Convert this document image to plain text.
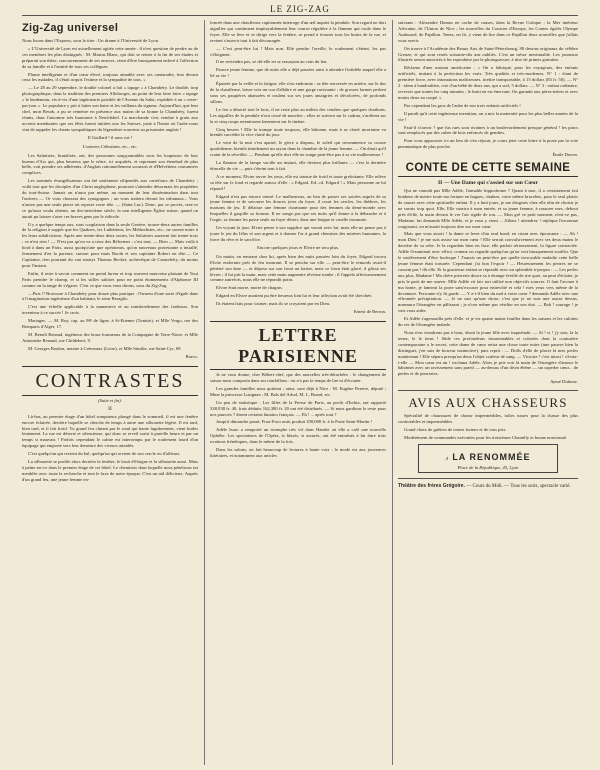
LE ZIG-ZAG
Zig-Zag universel

Nous lisons dans l'Express, sous le titre : Un drame à l'Université de Lyon.

« L'Université de Lyon est actuellement agitée cette année : il n'est question de perdre au de ces membres les plus distingués : M. Marius Blanc, qui doit se retirer à la fin de ses études et préparait son thèse, concurremment de ses œuvres, vient d'être brusquement enlevé à l'affection de sa famille et à l'amitié de tous ses collègues.

Plume intelligente et d'un cœur élevé, toujours aimable avec ses camarades, bon devant ceux les malades, il s'était acquis l'estime et la sympathie de tous. »

— Le 28 au 29 septembre, le double colonel a fait « tapage » à Chambéry. Le double, trop photographique, dans la tradition des premiers Allobroges, au point de leur faire faire « tapage » le lendemain, vis-à-vis d'une ingénieurie paisible de l'Avenue du Salut, expédiée à un « verre-par-jour ». Le populaire y prit à faites son batre et les vaillants du signeur. Aujourd'hui, que leur chef, mon Besob, a pu se remettre en présence aux mains de sa bonne la Chambéry, furent réunis, dans l'automne très harmonie à Neufchâtel. La marchande s'est vendue à grain aux accents mendiantes que ses fêtes furent initiées aux les Suisses, juste à l'heure où l'aube nous vint de rappeler les chants sympathiques du légendaire souvenir au prisonnier anglais !

Il Guillard ! il sans vot !

L'univers Célestines, etc., etc.

Les Salutistes, brutalisés, ont, des personnes soupçonnables sous les loupeuses de leur bureau d'Ars qui, plus heureux que le nôtre, ici acquittés, et reprenant son étendard de plus belle, voit prendre ses adhérents, d'Anglais rationnellement sournois et d'Helvétiens coutumiers complices.

Les nommés évangélisateurs ont été seulement vilipendés aux carrefours de Chambéry ; voilà tout que les disciples d'un Christ anglophone, pourront s'attendre désormais les prophètes du tout-Suisse. Jamais on n'aura pas même, au moment de leur dissémination dans tout l'univers — Or vous chassera des synagogues ; un vous traitera devant les tribunaux... Vous n'aurez pas une seule pierre où reposer votre tête. — (Saint Luc). Donc, par ce procès, sera-ce ce qu'aura voulu obtenir, un dix-neuvième siècle, la non intelligente Église suisse, quand on aurait pu laisser s'user ces braves gens par le ridicule.

Il y a quelque temps aux, sous couplaison dans la seule Genève, trouve-deux autres familles de la religion à suppôt que les Quakers, les Luthériens, les Méthodistes, etc., ne savent notre à les leurs subdivisions. Après une trente-deux deux sectes, les Salutistes auraient fait trente-trois : ce n'est rien ! — N'est pas qu'on va a ceux des Réformes ; c'est tout. — Bien — Mais voilà à bord à dans un Paris, aussi quoiqu'une que opérateurs, qu'on nouveaux protestante a installé, fermement d'en la pareure, surtout pour mais Booth et sen capitaine Robert en tête.— Ce Capitaine, rien pourtant du vrai martyr Thomas Becket, archevêque de Cantorbéry, du moins pour l'instant.

Enfin, il reste à savoir comment on prend fureur et trop souvent mauvaise plaisant de Tout Paris prendre le champ, et si les stilles salistes pour ne point étonnements d'Alphonse III comme on la tange de s'égarer. C'est ce que vous vous dirons, sous du Zig-Zag.

—Puis !! Bravoure à Chambéry pour douze plus pratique : l'heureu d'une sorte d'égale dans à l'imagination ingénieuse d'un habitant, le sieur Beraglio.

C'est une échelle applicable à la manœuvre et au transbordement des fardeaux. Son inventeur à ce succès ! Je crois.

Mariages. — M. Roy, cap. au 98ᵉ de ligne, à St-Etienne (Tunisie), et Mlle Vergo, rue des Remparts d'Alger, 17.

M. Benoît Renaud, ingénieur des houx-fourneaux de la Compagnie de Terre-Noire, et Mlle Antoinette Renaud, rue Childebert, 9.

M. Georges Boulon, notaire à Crémeaux (Loire), et Mlle Similie, rue Saint-Cyr, 69.

Bravo.

CONTRASTES
(Suite et fin).
II

Là-bas, au premier étage d'un hôtel somptueux plongé dans le sommeil, il est une fenêtre encore éclairée, derrière laquelle se cherche de temps à autre une silhouette légère. Il est tard, bien tard, et il fait froid. Vu grand feu clinant par le rond qui hante lugubrement, vient hurler lentement. La rue est déserte et silencieuse, qui donc se reveil sortir à pareille heure et par un temps si mauvais ! Parfois cependant le calme est interrompu par le roulement lourd d'un équipage qui emporte vers leur demeure des viveurs attardés.

C'est quelqu'un qui revient du bal, quelqu'un qui revient de son cercle ou d'ailleurs.

La silhouette se profile alors derrière la fenêtre, le bruit d'éloigne et la silhouette aussi. Mais à peine est-ce dans le premier étage de cet hôtel. Le chemisier dans laquelle nous pénétrons est meublée avec toute la recherche et tout le luxe de notre époque. C'est un nid délicieux. Auprès d'un grand feu, une jeune femme en-

foncée dans une chauffeuse capitonnée interroge d'un œil inquiet la pendule. Son regard ne dort aiguilles qui continuent impitoyablement leur course régulière à la flamme qui roule dans le foyer. Elle se lève et se dirige vers la fenêtre, se prend à écouter tous les bruits de la rue, et revient s'asseoir tout à fait découragée.

— C'est peut-être lui ! Mais non. Elle penche l'oreille, le roulement s'éteint, les pas s'éloignent.

Il ne reviendra pas, se dit-elle en se rassayant au coin du feu.

Pauvre jeune femme, que de nuits elle a déjà passées ainsi à attendre l'infidèle auquel elle a lié sa vie !

Épuisée par la veille et la fatigue, elle s'est endormie ; sa tête renversée en arrière, sur le dos de la chauffeuse, laisse voir un cou d'albâtre et une gorge ravissante ; de grosses larmes perlent sous ses paupières abaissées et roulent sur ses joues amaigries et décolorées, de profonds sillons.

Le feu a déserté tout le bois, il ne reste plus au milieu des cendres que quelques charbons. Les aiguilles de la pendule n'ont cessé de marcher ; elles se suivent sur le cadran, s'arrêtent sur la et cinq coups retentissent lentement sur le timbre.

Cinq heures ! Elle la trompe toute toujours, elle bâtonne, mais à sa clarté incertaine va bientôt succéder la vive clarté du jour.

Le vent de la nuit s'est apaisé, le givre a disparu, le soleil qui recommence sa course quotidienne, bientôt timidement un rayon dans la chambre de la jeune femme. — On dirait qu'il craint de la réveiller. — Pendant qu'elle dort elle ne songe peut-être pas à sa vie malheureuse !

La flamme de la lampe vacille un instant, elle devient plus brillante — c'est la dernière étincelle de vie — puis s'éteint tout à fait.

A ce moment, Elvire ouvre les yeux, elle est transie de froid et toute grelottante. Elle relève sa tête sur le fond et regarde autour d'elle : « Edgard, Ed...rd, Edgard ! » Mais personne ne lui répond !

Edgard n'est pas encore rentré. Le malheureux, au lieu de passer ses soirées auprès de sa jeune femme et de savourer les douces joies du foyer, il court les cercles, les théâtres, les maisons de jeu. Il délaisse une femme charmante pour des femmes du demi-monde avec lesquelles il gaspille sa fortune. Il ne songe pas que ses nuits qu'il donne à la débauche et à l'orgie, sa femme les passe seule au foyer désert, dans une longue et cruelle insomnie.

Un voyant la jour, Elvire pense à son supplice qui venait avec lui, mais elle ne pense pas à jouer le jeu du Iélus et son argent et à donner l'or à grand chemises des misères humaines, la force du rêve et le sacrifice.

Encore quelques jours et Elvire ne sera plus.

Un matin, en rentrant chez lui, après bien des nuits passées loin du foyer, Edgard trouva Elvire endormie près de feu mourant. Il se pencha sur elle — peut-être le remords avait-il pénétré son âme — et déposa sur son front un baiser, mais ce front était glacé, il glissa ses lèvres ; il lui prit la main, mais cette main augmente rêveuse tombe ; il l'appela affectueusement comme autrefois, mais elle ne répondit point.

Elvire était morte, morte de chagrin.

Edgard en Elvire auraient pu être heureux loin lui et leur affection avait été cherchée.

Ils étaient faits pour s'aimer, mais ils se croyaient par en Dieu.

Ernest de Berron.

LETTRE PARISIENNE

Je ne vous donne, cher Bébert-chef, que des nouvelles très-détachées : le changement de saison nous comporta dans ses tourbillons : on n'a pas le temps de lire ni d'écouter.

Les grandes familles nous quittent ; ainsi, sont déjà à Nice : M. Eugène Pereire, député ; Mme la princesse Lusignan ; M. Bals del Arbol, M. L. Brand, etc.

Un peu de statistique : Les filles de la Presse de Paris, au profit d'Ischia, ont rapporté 338,938 fr. 40, frais déduits 162,380 fr. 20 ont été distribués. — Si nous gardions le reste pour nos pauvres ? disent certains lunatics français. — Eh ! ... après tout ?

Jusqu'à dimanche passé, Frou-Frou avait produit 100,000 fr. à la Porte Saint-Martin !

Adèle Isaac a remporté un triomphe très vif dans Hamlet où elle a créé une nouvelle Ophélie. Les spectateurs de l'Opéra, si blasés, si assurés, ont été entraînés à lui faire trois ovations frénétiques, dans le même de la fois.

Dans les salons, on fait beaucoup de lectures à haute voix : le mode est aux jouvences littéraires, et notamment aux articles

suivants : Alexandre Dumas ne cache de causes, dans la Revue Critique ; la Mer intérieur Africaine, de l'Union de Nice ; les nouvelles du Courrier d'Europe, les Contes égalés Olympe Audouard, de Papillon. Tenez, on lit, y vient de lire dans ce Papillon deux nouvelles que j'allais vous servir.

On trouve à l'Académie des Beaux Arts de Saint-Pétersbourg, 88 dessins originaux du célèbre Greuze, et qui sont restés soixante-dix ans oubliés. C'est un trésor inestimable. Les journaux illustrés seront autorisés à les reproduire par la photogravure, à titre de primes gratuites.

Réclame d'une maison américaine : « On a fabriqué, pour les voyageurs, des enfants artificiels, imitant à la perfection les vrais. Très qualités et très-modernes. N° 1 : étant de première force, avec intonations malicieuses, tirelire transportable, à 15 dollars (83 fr. 50). — N° 2 : idem à bandoulière, crie d'un bébé de deux ans, qui a soif, 5 dollars. — N° 3 : enfant ordinaire, recevoir que toutes les cinq minutes ; le bruit en est énervant. On garantit aux pères-mères et avec moins deux au coupé. »

Pas cependant les gros de l'aube de nos trois enfants artificiels !

Il paraît qu'à cette ingénieuse invention, on a mis la maternité pour les plus belles années de la vie !

Faut-il s'ouvrir ? que fus rues sont rivaines à un boulevardement presque général ! les parcs sont remplacés par des cubes de bois enfoncés de gendres.

Pour vous approuver ici un lieu de s'en réjouir, je cours jeter cette lettre à la poste par la voie pneumatique de plus proche.

Émile Davon.

CONTE DE CETTE SEMAINE
II — Une Dame qui s'assied sur son Cœur

Qui ne connaît pas Mlle Adèle, l'aimable hippodrome ? Quant à moi, il a certainement fait bonheur de mettre toute ma fortune en bagues, chaînes, votre même bracelets, pour le seul plaisir de causer avec cette spirituelle enfant. Il y a huit jours, je me dirigeais chez elle afin de choisir je ne savais trop quoi. Elle, Elle sourira à mon entrée, et sa jeune femme, à rassurer mes, debout près d'elle, la main devant le ver l'air rigide de ton. — Mon gré ce petit moment, n'est-ce pas, Madame, lui demanda Mlle Adèle, et je vous y vient ... Allons ! attendrez ! répliqua l'inconnue rougissant, on m'aurait toujours dire sur mon cœur.

Mais que vous assoit ! la dame se lever d'un seul bond, en criant avec épouvante : — Ah ! mon Dieu ! je me suis assise sur mon cœur ! Elle serrait convulsivement avec ses deux mains le derrière de sa robe. Je la regardais bien en face, elle parlait sérieusement, la figure contractée. Adèle l'examinait avec effroi, comme on regarde quelqu'un qu'on voit brusquement souffrir. Que le soulèvement d'être loufoque ! J'aurais un peut-être par quelle incroyable maladie cette belle jeune femme était torturée. Cependant j'ai bon l'espoir ! — Heureusement les pierres ne se cassent pas ! dit elle. Et la gracieuse enfant se répondit avec un splendide à-propos : — Les perles aux plus, Madame ! Ma chère pierrerie douce sa à étrange éveille de rire quoi, au peut d'éclater, je pris le parti de me sauver. Mlle Adèle vit fair tort utilisé non objectifs sources. Il faut l'avouer à ma honte, je lamerai la porte sans'excuser pour entrecôté et cela ! mes yeux vers même de la devanture. Personne n'y fit garde. — Y a-t-il bien du mal à votre cœur ? demanda Adèle avec une effronnée précipitation. — Je ne suis qu'une chose, c'est que je ne suis une assise dessus, murmura l'étrangère en pâlissant ; je n'ose même pas vérifier en son état. — Bah ! courage ! je vais vous aider.

Et Adèle s'agenouilla près d'elle, et je vis quatre mains fouiller dans les saisons et les culottes du ver de l'étrangère malade.

Nous n'en viendrons pas à bout, disait la jeune fille avec inquiétude. — Si ! si ! j'y suis, la la tenez, le le tiens ! Sûde ces profondeurs insoutenables et colorées dont la couturière contemporaine a le secret, cette dame de cœur retira une chose toute noire (une pauvre bien la distinguer, j'en suis de horreur instinctive), puis reprit : — Dolls d'elle de placer là mes perles maintenant ! Elle sépara presqu'un deux l'objet couleur de sang. — Victoire ! c'est intact ! s'écria-t-elle — Mon cœur est un ! exclama Adèle. Alors je pris voir là main de l'étrangère d'amour le bâtonnet avec un ravissement sans pareil — au-dessus d'un divin ébène — un superbe cœur... de perles et de pierreries.

Aymé Dulusse.

AVIS AUX CHASSEURS

Spécialité de chaussures de chasse imperméables, toiles russes pour la chasse des plus confortables et imperméables.

Grand choix de guêtres de toutes formes et de tous prix.

Modérément de commandes exécutées pour les troisièmes Chantilly et bonne nouveauté.

A LA RENOMMÉE
Place de la République, 45, Lyon
Théâtre des frères Grégoire. — Cours du Midi. — Tous les soirs, spectacle varié.
